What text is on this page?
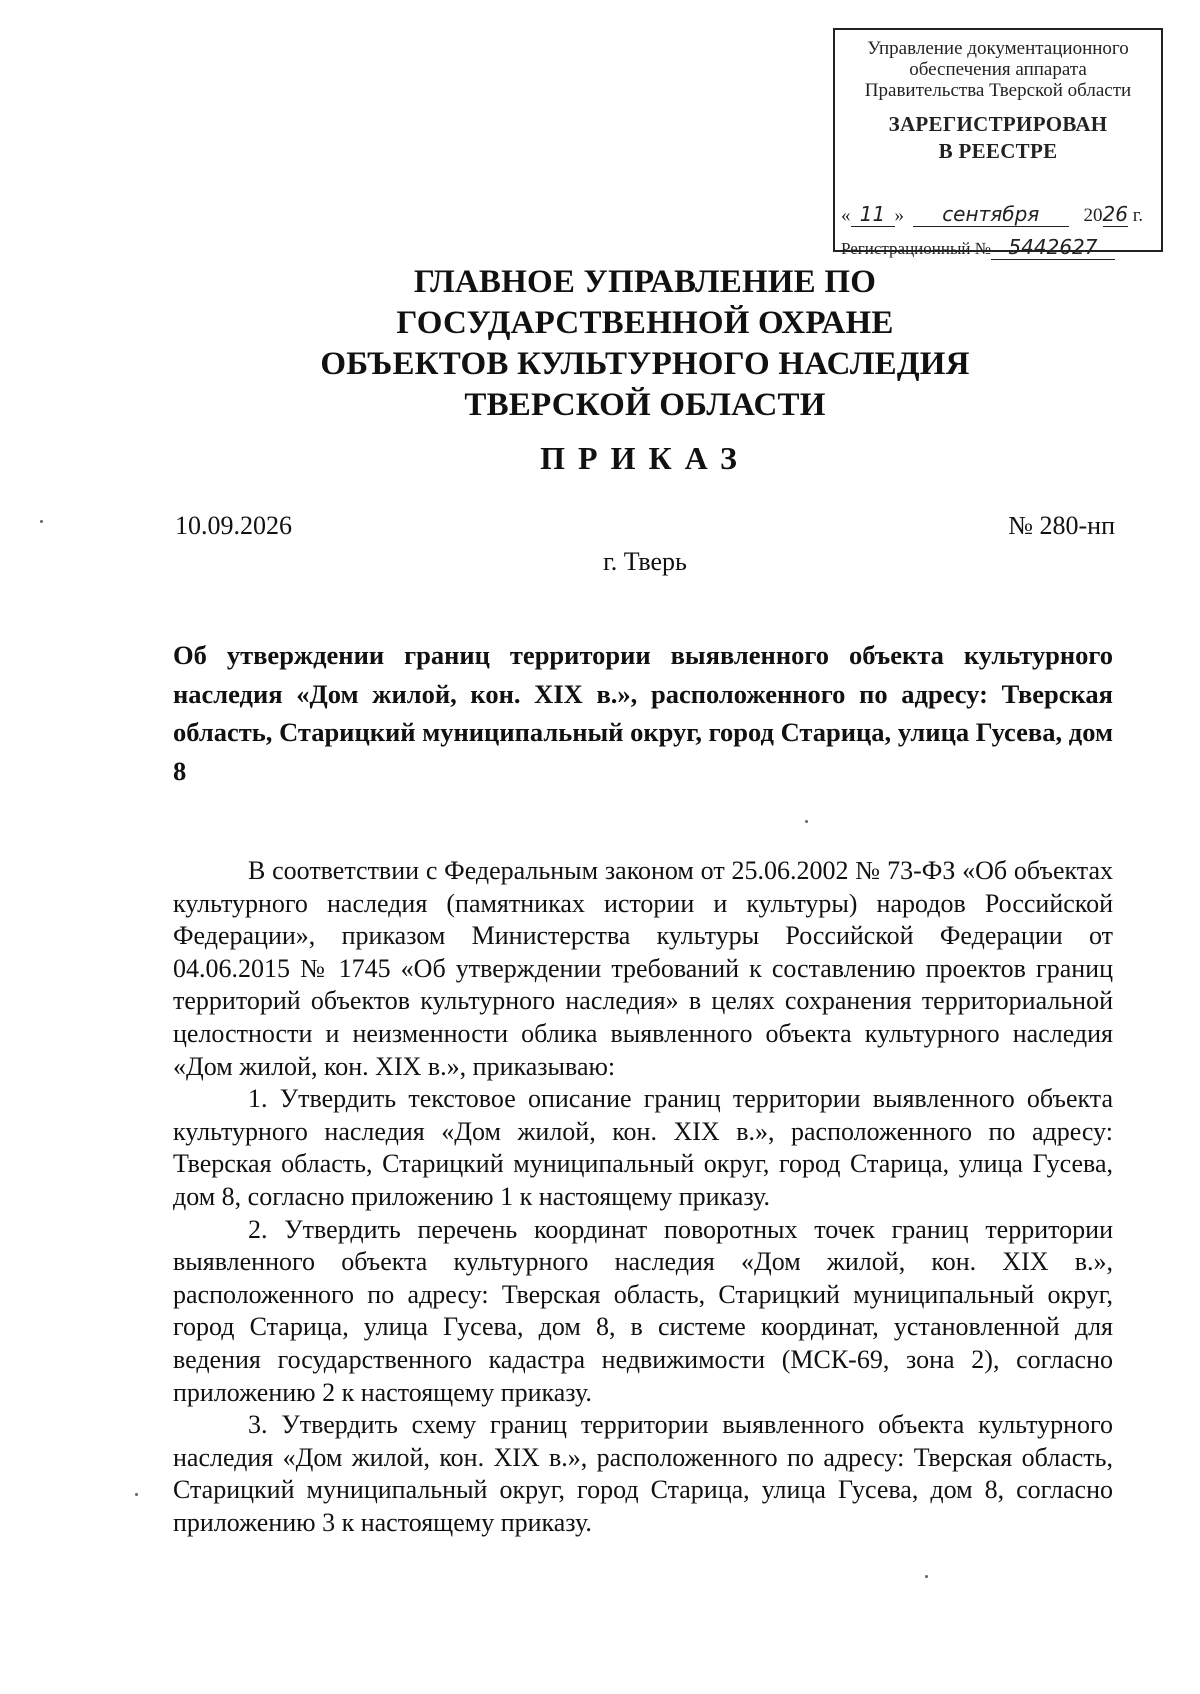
Управление документационного
обеспечения аппарата
Правительства Тверской области
ЗАРЕГИСТРИРОВАН
В РЕЕСТРЕ
« 11 » сентября 2026 г.
Регистрационный № 5442627
ГЛАВНОЕ УПРАВЛЕНИЕ ПО
ГОСУДАРСТВЕННОЙ ОХРАНЕ
ОБЪЕКТОВ КУЛЬТУРНОГО НАСЛЕДИЯ
ТВЕРСКОЙ ОБЛАСТИ
ПРИКАЗ
10.09.2026	№ 280-нп
г. Тверь
Об утверждении границ территории выявленного объекта культурного наследия «Дом жилой, кон. XIX в.», расположенного по адресу: Тверская область, Старицкий муниципальный округ, город Старица, улица Гусева, дом 8

В соответствии с Федеральным законом от 25.06.2002 № 73-ФЗ «Об объектах культурного наследия (памятниках истории и культуры) народов Российской Федерации», приказом Министерства культуры Российской Федерации от 04.06.2015 № 1745 «Об утверждении требований к составлению проектов границ территорий объектов культурного наследия» в целях сохранения территориальной целостности и неизменности облика выявленного объекта культурного наследия «Дом жилой, кон. XIX в.», приказываю:

1. Утвердить текстовое описание границ территории выявленного объекта культурного наследия «Дом жилой, кон. XIX в.», расположенного по адресу: Тверская область, Старицкий муниципальный округ, город Старица, улица Гусева, дом 8, согласно приложению 1 к настоящему приказу.

2. Утвердить перечень координат поворотных точек границ территории выявленного объекта культурного наследия «Дом жилой, кон. XIX в.», расположенного по адресу: Тверская область, Старицкий муниципальный округ, город Старица, улица Гусева, дом 8, в системе координат, установленной для ведения государственного кадастра недвижимости (МСК-69, зона 2), согласно приложению 2 к настоящему приказу.

3. Утвердить схему границ территории выявленного объекта культурного наследия «Дом жилой, кон. XIX в.», расположенного по адресу: Тверская область, Старицкий муниципальный округ, город Старица, улица Гусева, дом 8, согласно приложению 3 к настоящему приказу.
